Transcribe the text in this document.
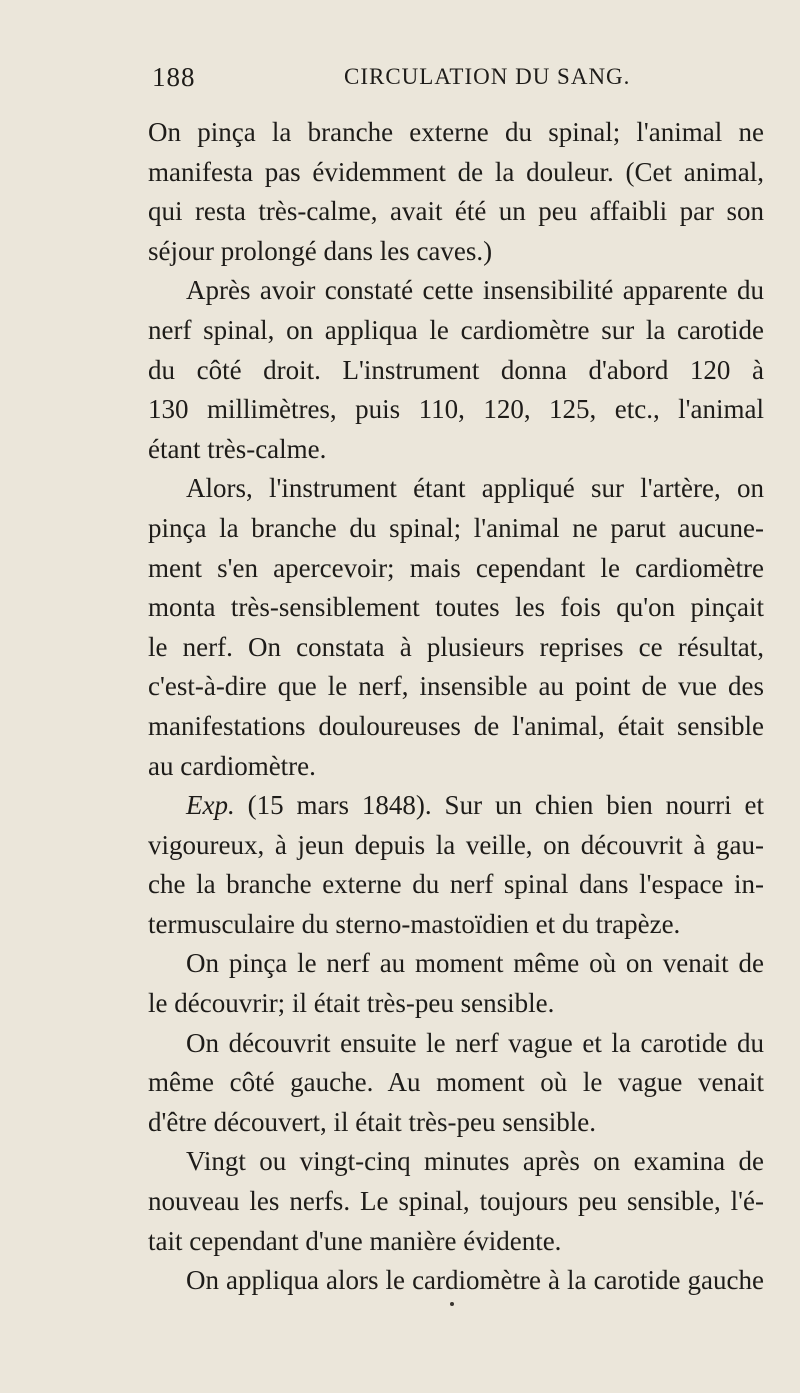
188	CIRCULATION DU SANG.
On pinça la branche externe du spinal; l'animal ne
manifesta pas évidemment de la douleur. (Cet animal,
qui resta très-calme, avait été un peu affaibli par son
séjour prolongé dans les caves.)
Après avoir constaté cette insensibilité apparente du
nerf spinal, on appliqua le cardiomètre sur la carotide
du côté droit. L'instrument donna d'abord 120 à
130 millimètres, puis 110, 120, 125, etc., l'animal
étant très-calme.
Alors, l'instrument étant appliqué sur l'artère, on
pinça la branche du spinal; l'animal ne parut aucune-
ment s'en apercevoir; mais cependant le cardiomètre
monta très-sensiblement toutes les fois qu'on pinçait
le nerf. On constata à plusieurs reprises ce résultat,
c'est-à-dire que le nerf, insensible au point de vue des
manifestations douloureuses de l'animal, était sensible
au cardiomètre.
Exp. (15 mars 1848). Sur un chien bien nourri et
vigoureux, à jeun depuis la veille, on découvrit à gau-
che la branche externe du nerf spinal dans l'espace in-
termusculaire du sterno-mastoïdien et du trapèze.
On pinça le nerf au moment même où on venait de
le découvrir; il était très-peu sensible.
On découvrit ensuite le nerf vague et la carotide du
même côté gauche. Au moment où le vague venait
d'être découvert, il était très-peu sensible.
Vingt ou vingt-cinq minutes après on examina de
nouveau les nerfs. Le spinal, toujours peu sensible, l'é-
tait cependant d'une manière évidente.
On appliqua alors le cardiomètre à la carotide gauche
